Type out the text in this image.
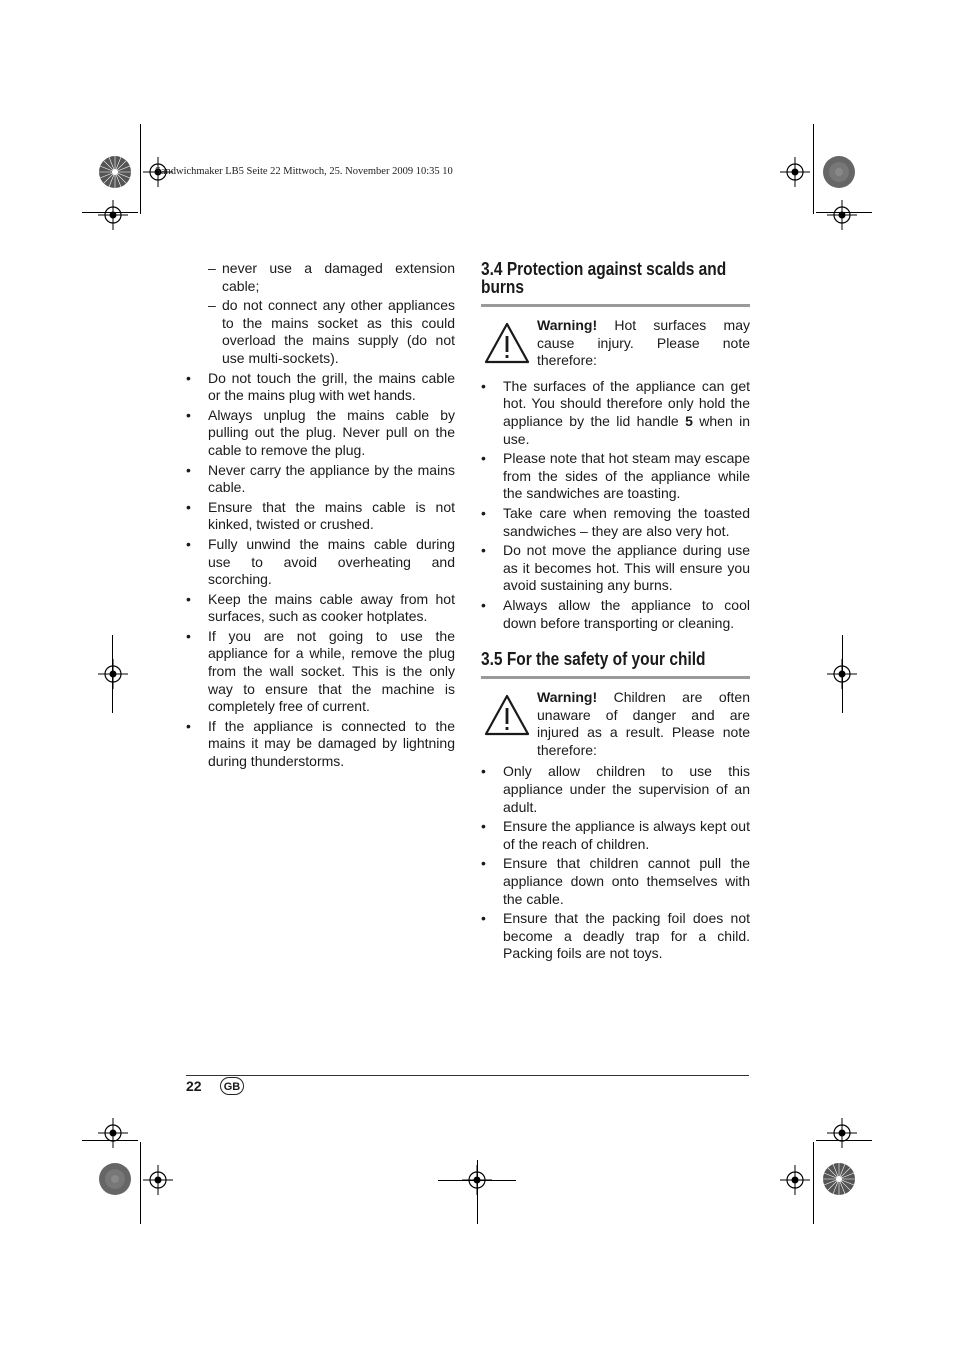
Sandwichmaker LB5 Seite 22 Mittwoch, 25. November 2009 10:35 10
– never use a damaged extension cable;
– do not connect any other appliances to the mains socket as this could overload the mains supply (do not use multi-sockets).
• Do not touch the grill, the mains cable or the mains plug with wet hands.
• Always unplug the mains cable by pulling out the plug. Never pull on the cable to remove the plug.
• Never carry the appliance by the mains cable.
• Ensure that the mains cable is not kinked, twisted or crushed.
• Fully unwind the mains cable during use to avoid overheating and scorching.
• Keep the mains cable away from hot surfaces, such as cooker hotplates.
• If you are not going to use the appliance for a while, remove the plug from the wall socket. This is the only way to ensure that the machine is completely free of current.
• If the appliance is connected to the mains it may be damaged by lightning during thunderstorms.
3.4 Protection against scalds and burns
Warning! Hot surfaces may cause injury. Please note therefore:
• The surfaces of the appliance can get hot. You should therefore only hold the appliance by the lid handle 5 when in use.
• Please note that hot steam may escape from the sides of the appliance while the sandwiches are toasting.
• Take care when removing the toasted sandwiches – they are also very hot.
• Do not move the appliance during use as it becomes hot. This will ensure you avoid sustaining any burns.
• Always allow the appliance to cool down before transporting or cleaning.
3.5 For the safety of your child
Warning! Children are often unaware of danger and are injured as a result. Please note therefore:
• Only allow children to use this appliance under the supervision of an adult.
• Ensure the appliance is always kept out of the reach of children.
• Ensure that children cannot pull the appliance down onto themselves with the cable.
• Ensure that the packing foil does not become a deadly trap for a child. Packing foils are not toys.
22	GB
